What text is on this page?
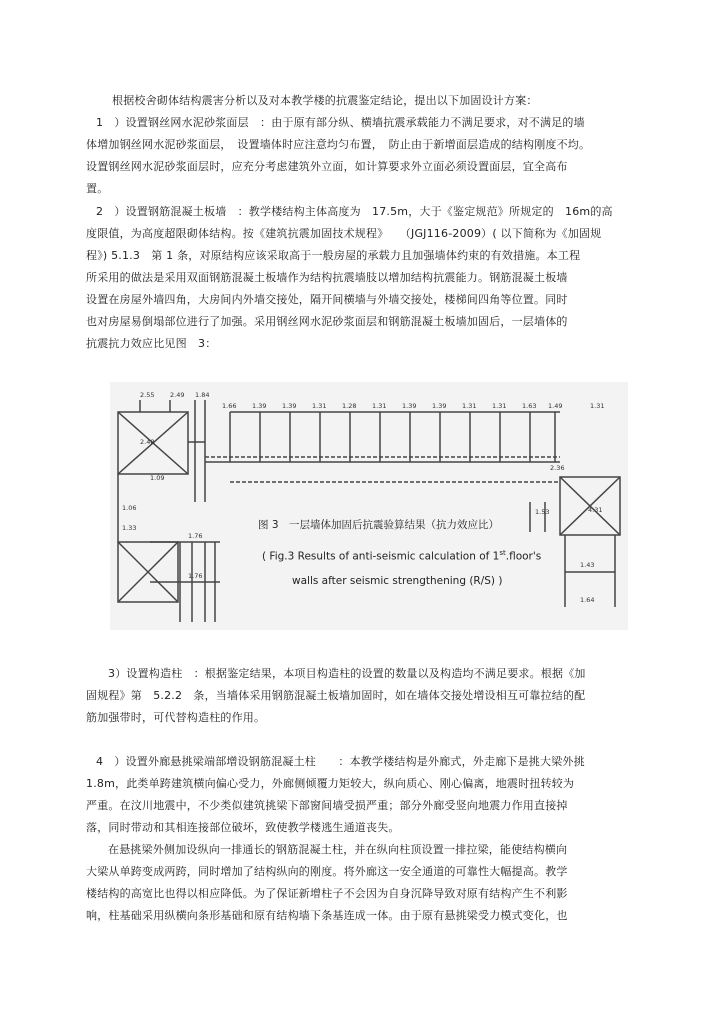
根据校舍砌体结构震害分析以及对本教学楼的抗震鉴定结论，提出以下加固设计方案：
1　）设置钢丝网水泥砂浆面层　：由于原有部分纵、横墙抗震承载能力不满足要求，对不满足的墙
体增加钢丝网水泥砂浆面层，　设置墙体时应注意均匀布置，　防止由于新增面层造成的结构刚度不均。
设置钢丝网水泥砂浆面层时，应充分考虑建筑外立面，如计算要求外立面必须设置面层，宜全高布
置。
2　）设置钢筋混凝土板墙　：教学楼结构主体高度为　17.5m，大于《鉴定规范》所规定的　16m的高
度限值，为高度超限砌体结构。按《建筑抗震加固技术规程》　　（JGJ116-2009）( 以下简称为《加固规
程》) 5.1.3　第 1 条，对原结构应该采取高于一般房屋的承载力且加强墙体约束的有效措施。本工程
所采用的做法是采用双面钢筋混凝土板墙作为结构抗震墙肢以增加结构抗震能力。钢筋混凝土板墙
设置在房屋外墙四角，大房间内外墙交接处，隔开间横墙与外墙交接处，楼梯间四角等位置。同时
也对房屋易倒塌部位进行了加强。采用钢丝网水泥砂浆面层和钢筋混凝土板墙加固后，一层墙体的
抗震抗力效应比见图　3：
2.55 2.49 1.84
1.66 1.39 1.39 1.31 1.28 1.31 1.39 1.39 1.31 1.31 1.63 1.49	1.31
2.48
1.09
1.06
1.33
4.31
2.36
1.76
1.76
1.53
1.43
1.64
图 3　一层墙体加固后抗震验算结果（抗力效应比）
( Fig.3 Results of anti-seismic calculation of 1st.floor's
walls after seismic strengthening (R/S) )
3）设置构造柱　：根据鉴定结果，本项目构造柱的设置的数量以及构造均不满足要求。根据《加
固规程》第　5.2.2　条，当墙体采用钢筋混凝土板墙加固时，如在墙体交接处增设相互可靠拉结的配
筋加强带时，可代替构造柱的作用。
4　）设置外廊悬挑梁端部增设钢筋混凝土柱　　：本教学楼结构是外廊式，外走廊下是挑大梁外挑
1.8m，此类单跨建筑横向偏心受力，外廊侧倾覆力矩较大，纵向质心、刚心偏离，地震时扭转较为
严重。在汶川地震中，不少类似建筑挑梁下部窗间墙受损严重；部分外廊受竖向地震力作用直接掉
落，同时带动和其相连接部位破坏，致使教学楼逃生通道丧失。
在悬挑梁外侧加设纵向一排通长的钢筋混凝土柱，并在纵向柱顶设置一排拉梁，能使结构横向
大梁从单跨变成两跨，同时增加了结构纵向的刚度。将外廊这一安全通道的可靠性大幅提高。教学
楼结构的高宽比也得以相应降低。为了保证新增柱子不会因为自身沉降导致对原有结构产生不利影
响，柱基础采用纵横向条形基础和原有结构墙下条基连成一体。由于原有悬挑梁受力模式变化，也
